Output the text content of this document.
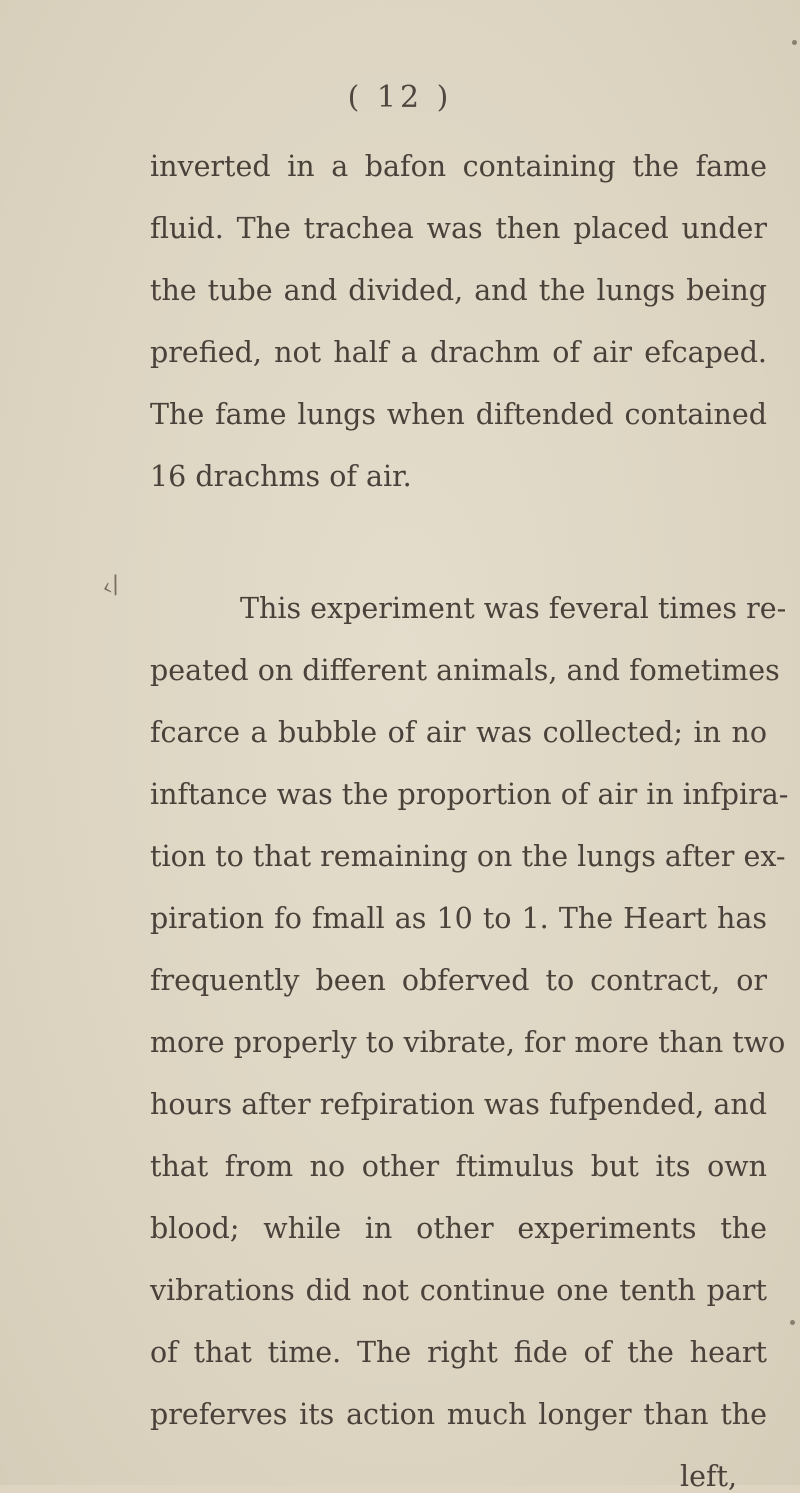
( 12 )
inverted in a bafon containing the fame
fluid. The trachea was then placed under
the tube and divided, and the lungs being
prefied, not half a drachm of air efcaped.
The fame lungs when diftended contained
16 drachms of air.
This experiment was feveral times re-
peated on different animals, and fometimes
fcarce a bubble of air was collected; in no
inftance was the proportion of air in infpira-
tion to that remaining on the lungs after ex-
piration fo fmall as 10 to 1. The Heart has
frequently been obferved to contract, or
more properly to vibrate, for more than two
hours after refpiration was fufpended, and
that from no other ftimulus but its own
blood; while in other experiments the
vibrations did not continue one tenth part
of that time. The right fide of the heart
‹/
preferves its action much longer than the
left,
